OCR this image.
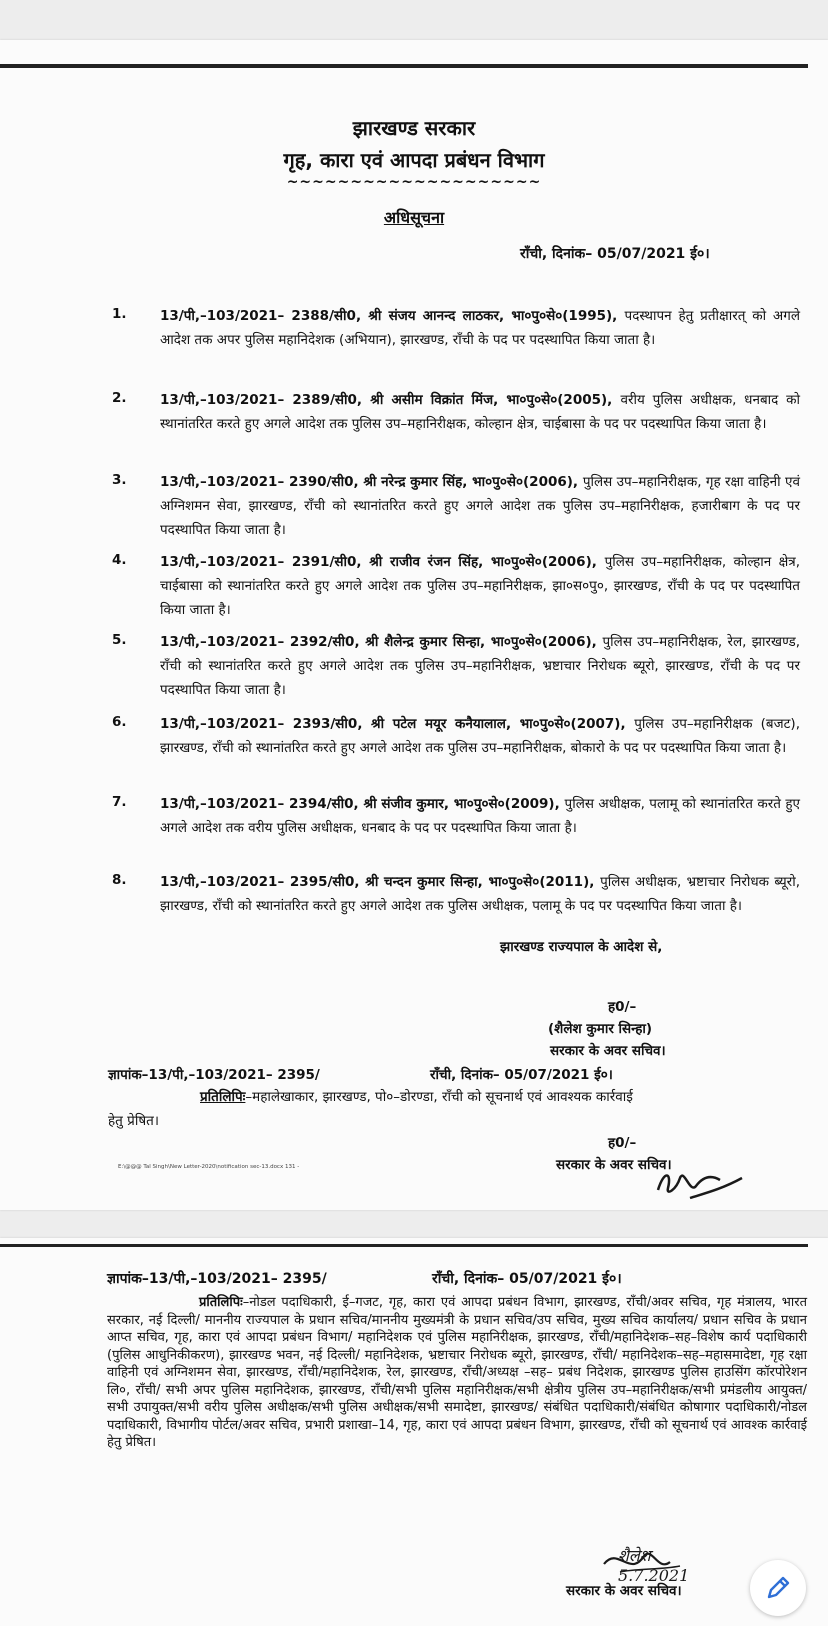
झारखण्ड सरकार
गृह, कारा एवं आपदा प्रबंधन विभाग
~~~~~~~~~~~~~~~~~~~~
अधिसूचना
राँची, दिनांक– 05/07/2021 ई०।
1. 13/पी,–103/2021– 2388/सी0, श्री संजय आनन्द लाठकर, भा०पु०से०(1995), पदस्थापन हेतु प्रतीक्षारत् को अगले आदेश तक अपर पुलिस महानिदेशक (अभियान), झारखण्ड, राँची के पद पर पदस्थापित किया जाता है।
2. 13/पी,–103/2021– 2389/सी0, श्री असीम विक्रांत मिंज, भा०पु०से०(2005), वरीय पुलिस अधीक्षक, धनबाद को स्थानांतरित करते हुए अगले आदेश तक पुलिस उप–महानिरीक्षक, कोल्हान क्षेत्र, चाईबासा के पद पर पदस्थापित किया जाता है।
3. 13/पी,–103/2021– 2390/सी0, श्री नरेन्द्र कुमार सिंह, भा०पु०से०(2006), पुलिस उप–महानिरीक्षक, गृह रक्षा वाहिनी एवं अग्निशमन सेवा, झारखण्ड, राँची को स्थानांतरित करते हुए अगले आदेश तक पुलिस उप–महानिरीक्षक, हजारीबाग के पद पर पदस्थापित किया जाता है।
4. 13/पी,–103/2021– 2391/सी0, श्री राजीव रंजन सिंह, भा०पु०से०(2006), पुलिस उप–महानिरीक्षक, कोल्हान क्षेत्र, चाईबासा को स्थानांतरित करते हुए अगले आदेश तक पुलिस उप–महानिरीक्षक, झा०स०पु०, झारखण्ड, राँची के पद पर पदस्थापित किया जाता है।
5. 13/पी,–103/2021– 2392/सी0, श्री शैलेन्द्र कुमार सिन्हा, भा०पु०से०(2006), पुलिस उप–महानिरीक्षक, रेल, झारखण्ड, राँची को स्थानांतरित करते हुए अगले आदेश तक पुलिस उप–महानिरीक्षक, भ्रष्टाचार निरोधक ब्यूरो, झारखण्ड, राँची के पद पर पदस्थापित किया जाता है।
6. 13/पी,–103/2021– 2393/सी0, श्री पटेल मयूर कनैयालाल, भा०पु०से०(2007), पुलिस उप–महानिरीक्षक (बजट), झारखण्ड, राँची को स्थानांतरित करते हुए अगले आदेश तक पुलिस उप–महानिरीक्षक, बोकारो के पद पर पदस्थापित किया जाता है।
7. 13/पी,–103/2021– 2394/सी0, श्री संजीव कुमार, भा०पु०से०(2009), पुलिस अधीक्षक, पलामू को स्थानांतरित करते हुए अगले आदेश तक वरीय पुलिस अधीक्षक, धनबाद के पद पर पदस्थापित किया जाता है।
8. 13/पी,–103/2021– 2395/सी0, श्री चन्दन कुमार सिन्हा, भा०पु०से०(2011), पुलिस अधीक्षक, भ्रष्टाचार निरोधक ब्यूरो, झारखण्ड, राँची को स्थानांतरित करते हुए अगले आदेश तक पुलिस अधीक्षक, पलामू के पद पर पदस्थापित किया जाता है।
झारखण्ड राज्यपाल के आदेश से,
ह0/–
(शैलेश कुमार सिन्हा)
सरकार के अवर सचिव।
ज्ञापांक–13/पी,–103/2021– 2395/	राँची, दिनांक– 05/07/2021 ई०।
प्रतिलिपिः–महालेखाकार, झारखण्ड, पो०–डोरण्डा, राँची को सूचनार्थ एवं आवश्यक कार्रवाई
हेतु प्रेषित।
ह0/–
सरकार के अवर सचिव।
E:\@@@ Tal Singh\New Letter-2020\notification sec-13.docx 131 -
ज्ञापांक–13/पी,–103/2021– 2395/	राँची, दिनांक– 05/07/2021 ई०।
प्रतिलिपिः–नोडल पदाधिकारी, ई–गजट, गृह, कारा एवं आपदा प्रबंधन विभाग, झारखण्ड, राँची/अवर सचिव, गृह मंत्रालय, भारत सरकार, नई दिल्ली/ माननीय राज्यपाल के प्रधान सचिव/माननीय मुख्यमंत्री के प्रधान सचिव/उप सचिव, मुख्य सचिव कार्यालय/ प्रधान सचिव के प्रधान आप्त सचिव, गृह, कारा एवं आपदा प्रबंधन विभाग/ महानिदेशक एवं पुलिस महानिरीक्षक, झारखण्ड, राँची/महानिदेशक–सह–विशेष कार्य पदाधिकारी (पुलिस आधुनिकीकरण), झारखण्ड भवन, नई दिल्ली/ महानिदेशक, भ्रष्टाचार निरोधक ब्यूरो, झारखण्ड, राँची/ महानिदेशक–सह–महासमादेष्टा, गृह रक्षा वाहिनी एवं अग्निशमन सेवा, झारखण्ड, राँची/महानिदेशक, रेल, झारखण्ड, राँची/अध्यक्ष –सह– प्रबंध निदेशक, झारखण्ड पुलिस हाउसिंग कॉरपोरेशन लि०, राँची/ सभी अपर पुलिस महानिदेशक, झारखण्ड, राँची/सभी पुलिस महानिरीक्षक/सभी क्षेत्रीय पुलिस उप–महानिरीक्षक/सभी प्रमंडलीय आयुक्त/सभी उपायुक्त/सभी वरीय पुलिस अधीक्षक/सभी पुलिस अधीक्षक/सभी समादेष्टा, झारखण्ड/ संबंधित पदाधिकारी/संबंधित कोषागार पदाधिकारी/नोडल पदाधिकारी, विभागीय पोर्टल/अवर सचिव, प्रभारी प्रशाखा–14, गृह, कारा एवं आपदा प्रबंधन विभाग, झारखण्ड, राँची को सूचनार्थ एवं आवश्क कार्रवाई हेतु प्रेषित।
शैलेश 5.7.2021
सरकार के अवर सचिव।
